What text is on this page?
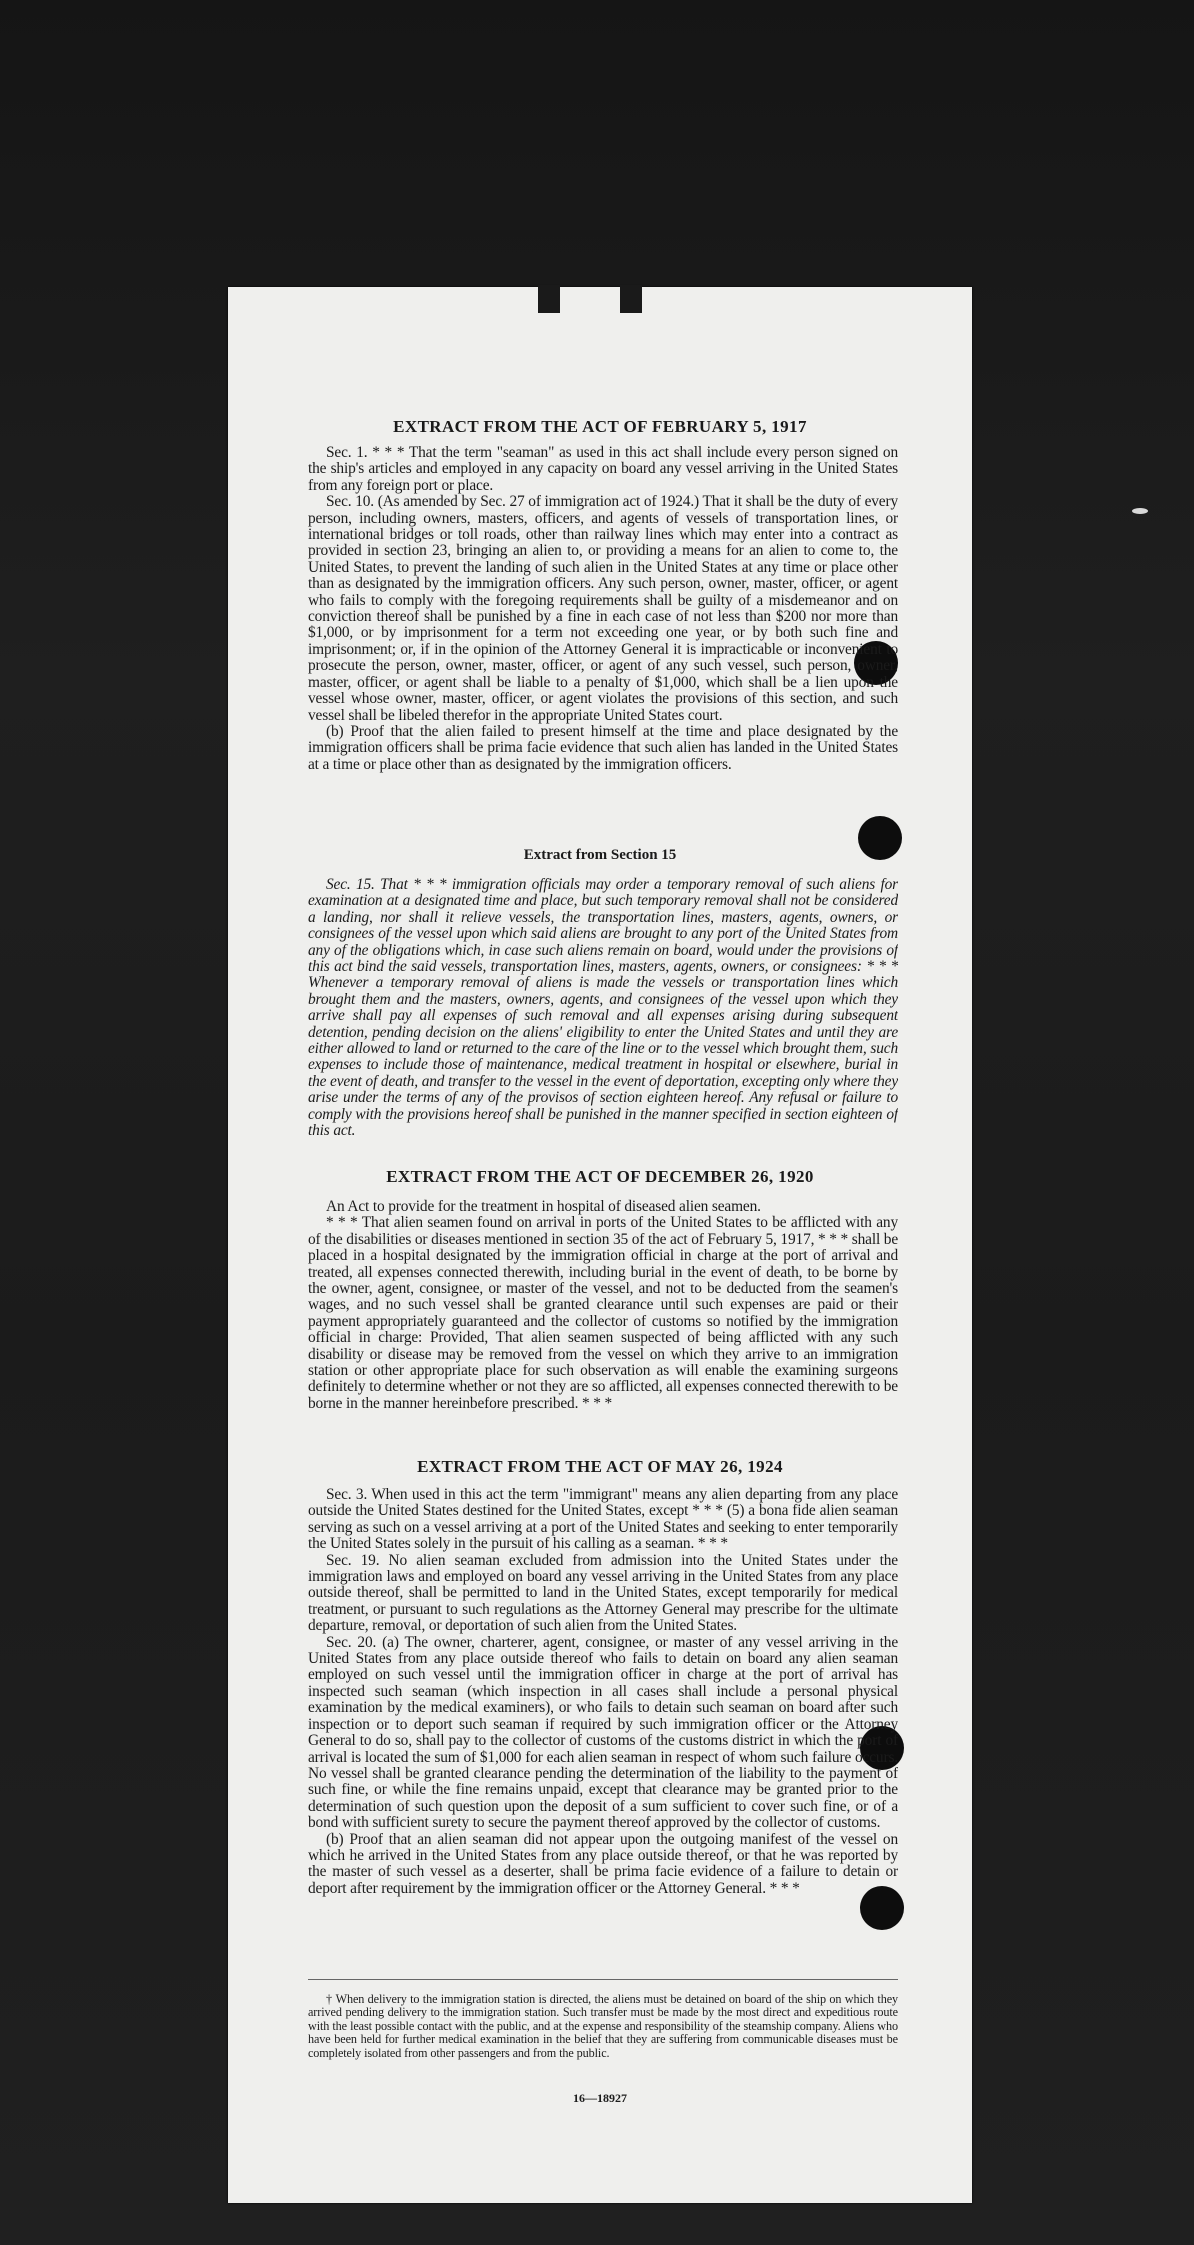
EXTRACT FROM THE ACT OF FEBRUARY 5, 1917

Sec. 1. * * * That the term "seaman" as used in this act shall include every person signed on the ship's articles and employed in any capacity on board any vessel arriving in the United States from any foreign port or place.

Sec. 10. (As amended by Sec. 27 of immigration act of 1924.) That it shall be the duty of every person, including owners, masters, officers, and agents of vessels of transportation lines, or international bridges or toll roads, other than railway lines which may enter into a contract as provided in section 23, bringing an alien to, or providing a means for an alien to come to, the United States, to prevent the landing of such alien in the United States at any time or place other than as designated by the immigration officers. Any such person, owner, master, officer, or agent who fails to comply with the foregoing requirements shall be guilty of a misdemeanor and on conviction thereof shall be punished by a fine in each case of not less than $200 nor more than $1,000, or by imprisonment for a term not exceeding one year, or by both such fine and imprisonment; or, if in the opinion of the Attorney General it is impracticable or inconvenient to prosecute the person, owner, master, officer, or agent of any such vessel, such person, owner, master, officer, or agent shall be liable to a penalty of $1,000, which shall be a lien upon the vessel whose owner, master, officer, or agent violates the provisions of this section, and such vessel shall be libeled therefor in the appropriate United States court.

(b) Proof that the alien failed to present himself at the time and place designated by the immigration officers shall be prima facie evidence that such alien has landed in the United States at a time or place other than as designated by the immigration officers.

Extract from Section 15

Sec. 15. That * * * immigration officials may order a temporary removal of such aliens for examination at a designated time and place, but such temporary removal shall not be considered a landing, nor shall it relieve vessels, the transportation lines, masters, agents, owners, or consignees of the vessel upon which said aliens are brought to any port of the United States from any of the obligations which, in case such aliens remain on board, would under the provisions of this act bind the said vessels, transportation lines, masters, agents, owners, or consignees: * * * Whenever a temporary removal of aliens is made the vessels or transportation lines which brought them and the masters, owners, agents, and consignees of the vessel upon which they arrive shall pay all expenses of such removal and all expenses arising during subsequent detention, pending decision on the aliens' eligibility to enter the United States and until they are either allowed to land or returned to the care of the line or to the vessel which brought them, such expenses to include those of maintenance, medical treatment in hospital or elsewhere, burial in the event of death, and transfer to the vessel in the event of deportation, excepting only where they arise under the terms of any of the provisos of section eighteen hereof. Any refusal or failure to comply with the provisions hereof shall be punished in the manner specified in section eighteen of this act.

EXTRACT FROM THE ACT OF DECEMBER 26, 1920

An Act to provide for the treatment in hospital of diseased alien seamen.

* * * That alien seamen found on arrival in ports of the United States to be afflicted with any of the disabilities or diseases mentioned in section 35 of the act of February 5, 1917, * * * shall be placed in a hospital designated by the immigration official in charge at the port of arrival and treated, all expenses connected therewith, including burial in the event of death, to be borne by the owner, agent, consignee, or master of the vessel, and not to be deducted from the seamen's wages, and no such vessel shall be granted clearance until such expenses are paid or their payment appropriately guaranteed and the collector of customs so notified by the immigration official in charge: Provided, That alien seamen suspected of being afflicted with any such disability or disease may be removed from the vessel on which they arrive to an immigration station or other appropriate place for such observation as will enable the examining surgeons definitely to determine whether or not they are so afflicted, all expenses connected therewith to be borne in the manner hereinbefore prescribed. * * *

EXTRACT FROM THE ACT OF MAY 26, 1924

Sec. 3. When used in this act the term "immigrant" means any alien departing from any place outside the United States destined for the United States, except * * * (5) a bona fide alien seaman serving as such on a vessel arriving at a port of the United States and seeking to enter temporarily the United States solely in the pursuit of his calling as a seaman. * * *

Sec. 19. No alien seaman excluded from admission into the United States under the immigration laws and employed on board any vessel arriving in the United States from any place outside thereof, shall be permitted to land in the United States, except temporarily for medical treatment, or pursuant to such regulations as the Attorney General may prescribe for the ultimate departure, removal, or deportation of such alien from the United States.

Sec. 20. (a) The owner, charterer, agent, consignee, or master of any vessel arriving in the United States from any place outside thereof who fails to detain on board any alien seaman employed on such vessel until the immigration officer in charge at the port of arrival has inspected such seaman (which inspection in all cases shall include a personal physical examination by the medical examiners), or who fails to detain such seaman on board after such inspection or to deport such seaman if required by such immigration officer or the Attorney General to do so, shall pay to the collector of customs of the customs district in which the port of arrival is located the sum of $1,000 for each alien seaman in respect of whom such failure occurs. No vessel shall be granted clearance pending the determination of the liability to the payment of such fine, or while the fine remains unpaid, except that clearance may be granted prior to the determination of such question upon the deposit of a sum sufficient to cover such fine, or of a bond with sufficient surety to secure the payment thereof approved by the collector of customs.

(b) Proof that an alien seaman did not appear upon the outgoing manifest of the vessel on which he arrived in the United States from any place outside thereof, or that he was reported by the master of such vessel as a deserter, shall be prima facie evidence of a failure to detain or deport after requirement by the immigration officer or the Attorney General. * * *

† When delivery to the immigration station is directed, the aliens must be detained on board of the ship on which they arrived pending delivery to the immigration station. Such transfer must be made by the most direct and expeditious route with the least possible contact with the public, and at the expense and responsibility of the steamship company. Aliens who have been held for further medical examination in the belief that they are suffering from communicable diseases must be completely isolated from other passengers and from the public.
16—18927
